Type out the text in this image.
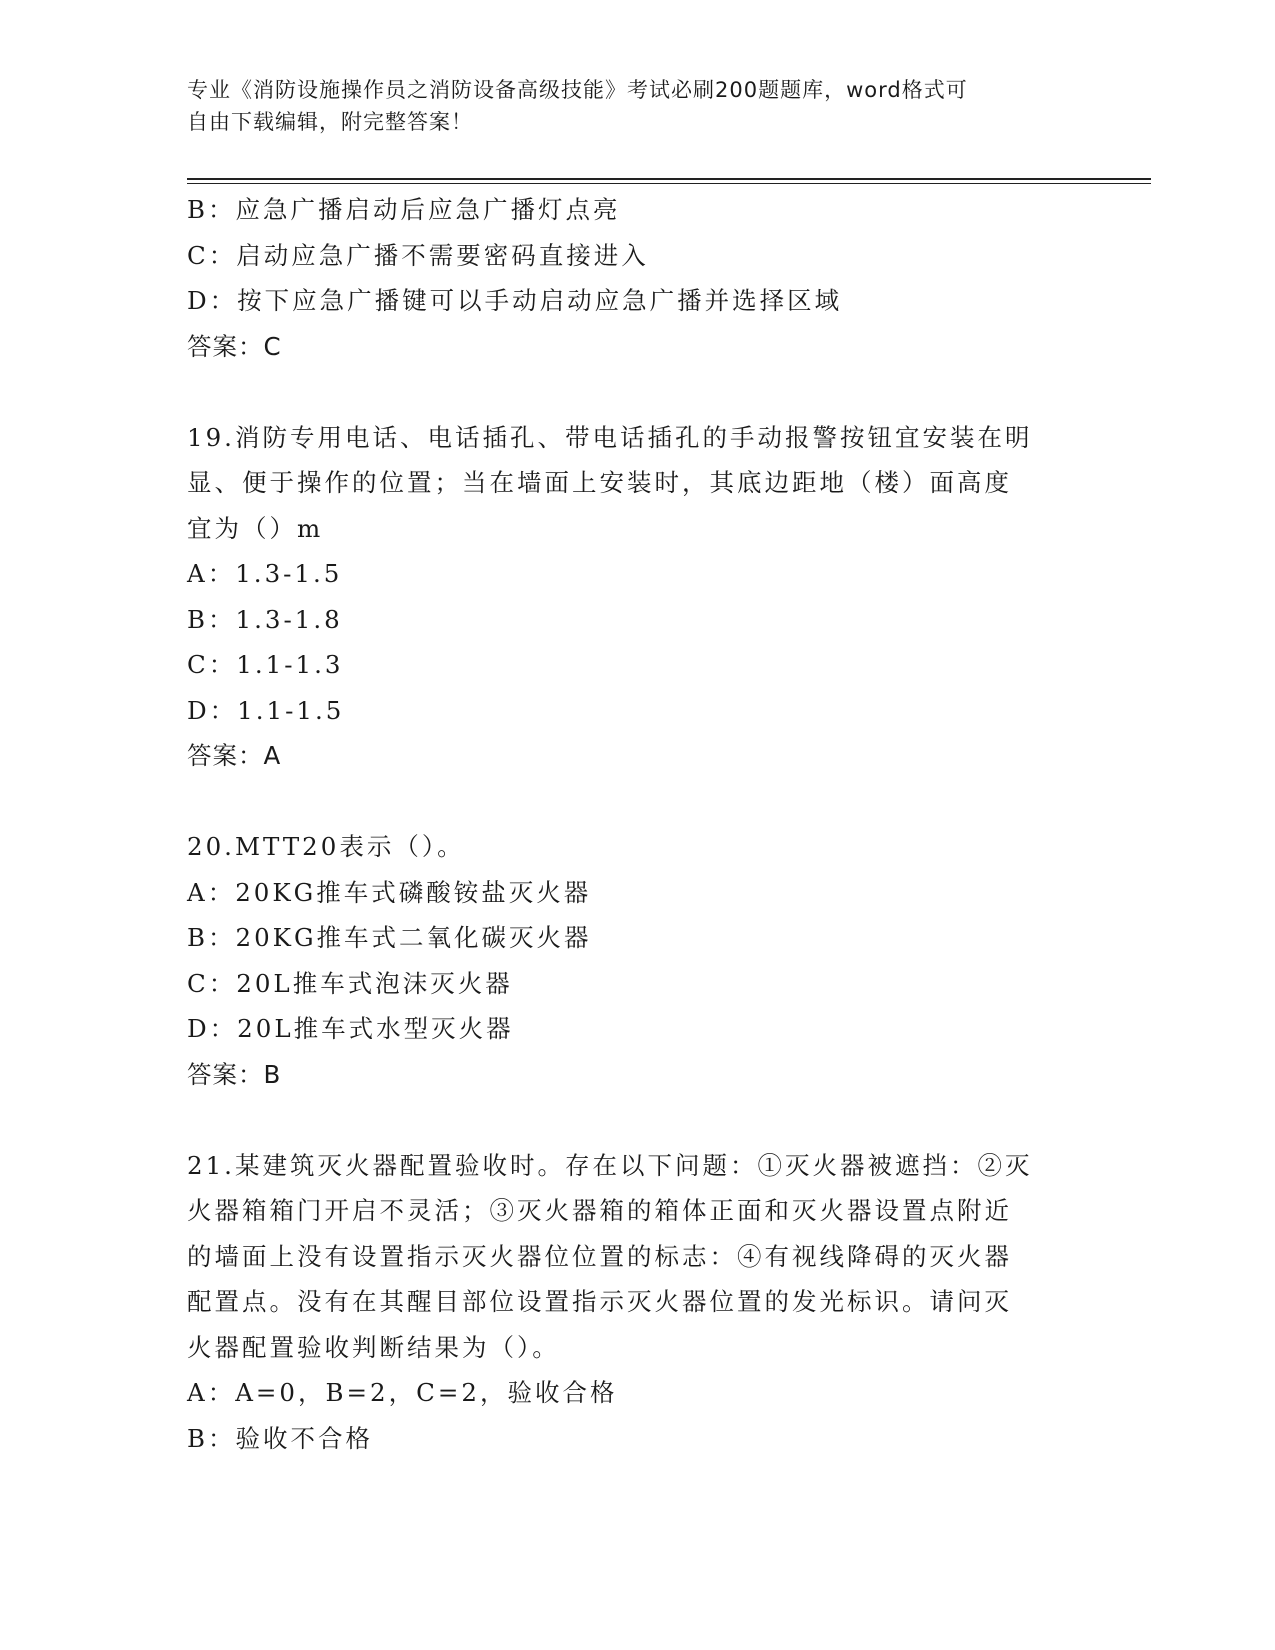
专业《消防设施操作员之消防设备高级技能》考试必刷200题题库，word格式可
自由下载编辑，附完整答案！
B：应急广播启动后应急广播灯点亮
C：启动应急广播不需要密码直接进入
D：按下应急广播键可以手动启动应急广播并选择区域
答案：C
19.消防专用电话、电话插孔、带电话插孔的手动报警按钮宜安装在明
显、便于操作的位置；当在墙面上安装时，其底边距地（楼）面高度
宜为（）m
A：1.3-1.5
B：1.3-1.8
C：1.1-1.3
D：1.1-1.5
答案：A
20.MTT20表示（）。
A：20KG推车式磷酸铵盐灭火器
B：20KG推车式二氧化碳灭火器
C：20L推车式泡沫灭火器
D：20L推车式水型灭火器
答案：B
21.某建筑灭火器配置验收时。存在以下问题：①灭火器被遮挡：②灭
火器箱箱门开启不灵活；③灭火器箱的箱体正面和灭火器设置点附近
的墙面上没有设置指示灭火器位位置的标志：④有视线降碍的灭火器
配置点。没有在其醒目部位设置指示灭火器位置的发光标识。请问灭
火器配置验收判断结果为（）。
A：A=0，B=2，C=2，验收合格
B：验收不合格
